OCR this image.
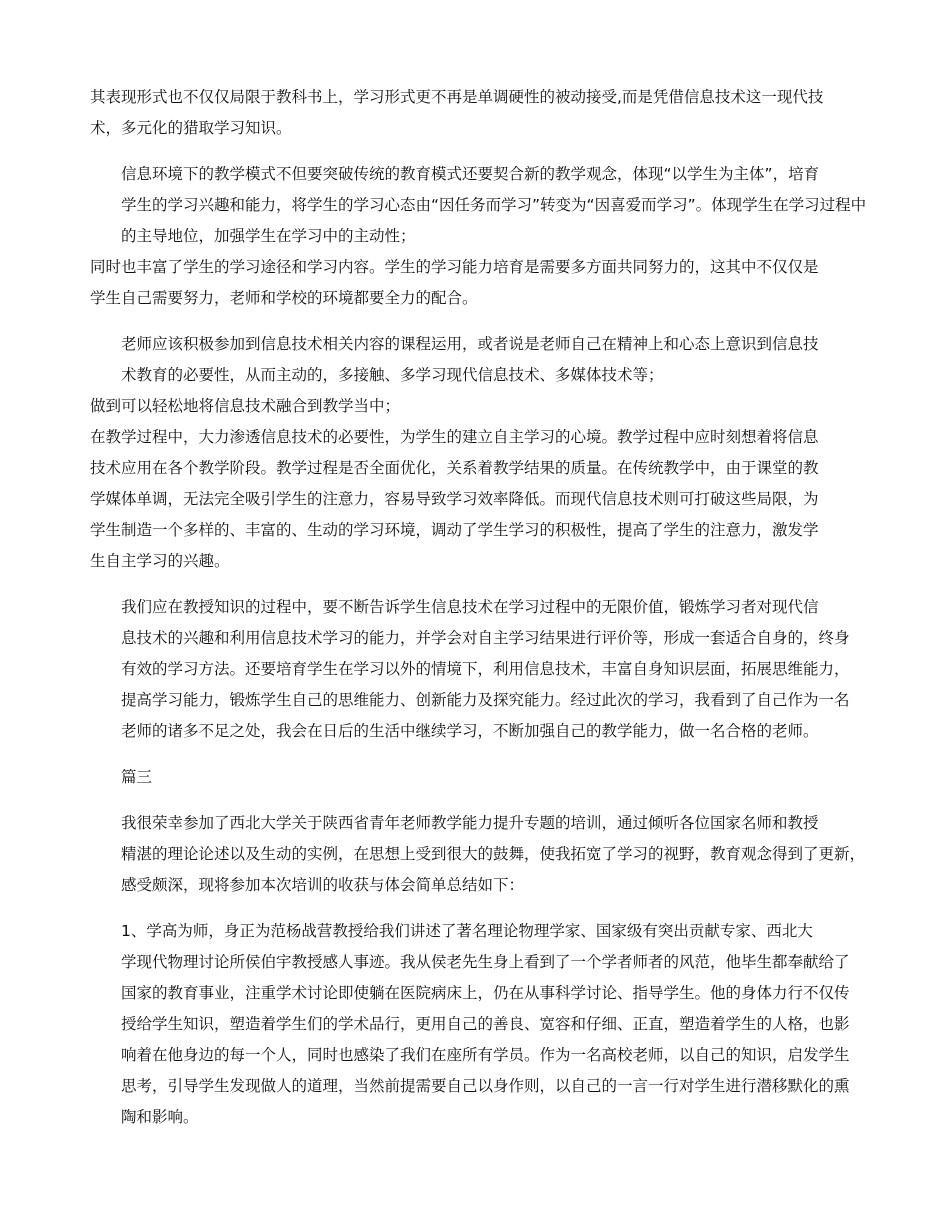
其表现形式也不仅仅局限于教科书上，学习形式更不再是单调硬性的被动接受,而是凭借信息技术这一现代技
术，多元化的猎取学习知识。

信息环境下的教学模式不但要突破传统的教育模式还要契合新的教学观念，体现“以学生为主体”，培育
学生的学习兴趣和能力，将学生的学习心态由“因任务而学习”转变为“因喜爱而学习”。体现学生在学习过程中
的主导地位，加强学生在学习中的主动性；

同时也丰富了学生的学习途径和学习内容。学生的学习能力培育是需要多方面共同努力的，这其中不仅仅是
学生自己需要努力，老师和学校的环境都要全力的配合。

老师应该积极参加到信息技术相关内容的课程运用，或者说是老师自己在精神上和心态上意识到信息技
术教育的必要性，从而主动的，多接触、多学习现代信息技术、多媒体技术等；

做到可以轻松地将信息技术融合到教学当中；

在教学过程中，大力渗透信息技术的必要性，为学生的建立自主学习的心境。教学过程中应时刻想着将信息
技术应用在各个教学阶段。教学过程是否全面优化，关系着教学结果的质量。在传统教学中，由于课堂的教
学媒体单调，无法完全吸引学生的注意力，容易导致学习效率降低。而现代信息技术则可打破这些局限，为
学生制造一个多样的、丰富的、生动的学习环境，调动了学生学习的积极性，提高了学生的注意力，激发学
生自主学习的兴趣。

我们应在教授知识的过程中，要不断告诉学生信息技术在学习过程中的无限价值，锻炼学习者对现代信
息技术的兴趣和利用信息技术学习的能力，并学会对自主学习结果进行评价等，形成一套适合自身的，终身
有效的学习方法。还要培育学生在学习以外的情境下，利用信息技术，丰富自身知识层面，拓展思维能力，
提高学习能力，锻炼学生自己的思维能力、创新能力及探究能力。经过此次的学习，我看到了自己作为一名
老师的诸多不足之处，我会在日后的生活中继续学习，不断加强自己的教学能力，做一名合格的老师。

篇三

我很荣幸参加了西北大学关于陕西省青年老师教学能力提升专题的培训，通过倾听各位国家名师和教授
精湛的理论论述以及生动的实例，在思想上受到很大的鼓舞，使我拓宽了学习的视野，教育观念得到了更新，
感受颇深，现将参加本次培训的收获与体会简单总结如下：

1、学高为师，身正为范杨战营教授给我们讲述了著名理论物理学家、国家级有突出贡献专家、西北大
学现代物理讨论所侯伯宇教授感人事迹。我从侯老先生身上看到了一个学者师者的风范，他毕生都奉献给了
国家的教育事业，注重学术讨论即使躺在医院病床上，仍在从事科学讨论、指导学生。他的身体力行不仅传
授给学生知识，塑造着学生们的学术品行，更用自己的善良、宽容和仔细、正直，塑造着学生的人格，也影
响着在他身边的每一个人，同时也感染了我们在座所有学员。作为一名高校老师，以自己的知识，启发学生
思考，引导学生发现做人的道理，当然前提需要自己以身作则，以自己的一言一行对学生进行潜移默化的熏
陶和影响。
